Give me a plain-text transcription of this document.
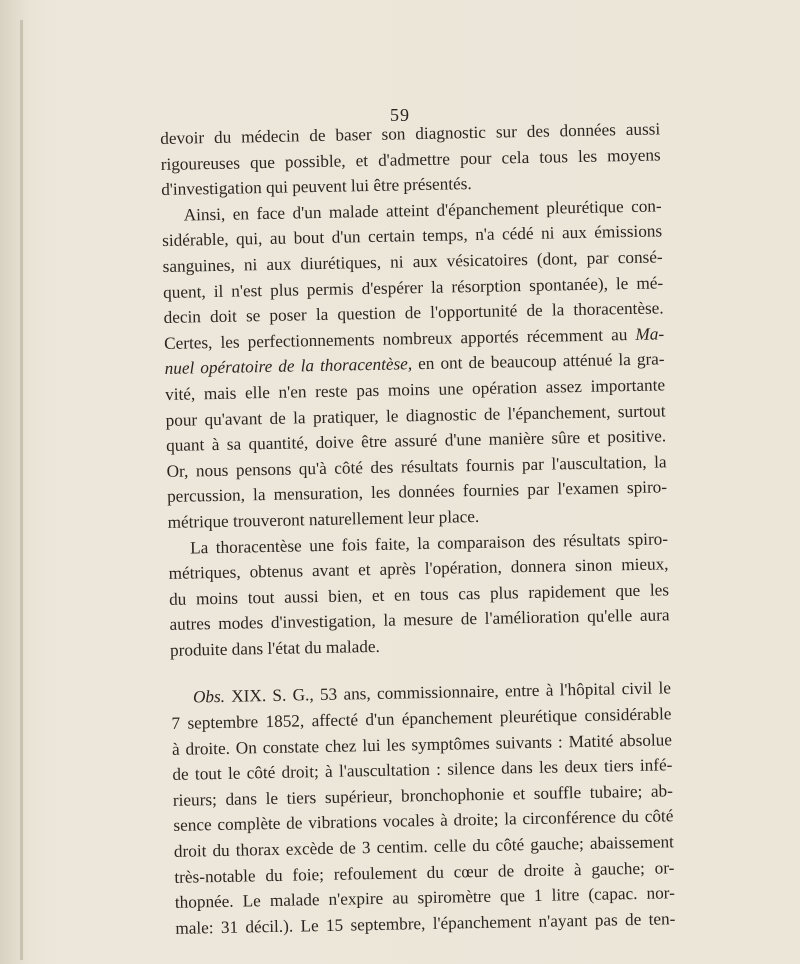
59
devoir du médecin de baser son diagnostic sur des données aussi
rigoureuses que possible, et d'admettre pour cela tous les moyens
d'investigation qui peuvent lui être présentés.
Ainsi, en face d'un malade atteint d'épanchement pleurétique con-
sidérable, qui, au bout d'un certain temps, n'a cédé ni aux émissions
sanguines, ni aux diurétiques, ni aux vésicatoires (dont, par consé-
quent, il n'est plus permis d'espérer la résorption spontanée), le mé-
decin doit se poser la question de l'opportunité de la thoracentèse.
Certes, les perfectionnements nombreux apportés récemment au Ma-
nuel opératoire de la thoracentèse, en ont de beaucoup atténué la gra-
vité, mais elle n'en reste pas moins une opération assez importante
pour qu'avant de la pratiquer, le diagnostic de l'épanchement, surtout
quant à sa quantité, doive être assuré d'une manière sûre et positive.
Or, nous pensons qu'à côté des résultats fournis par l'auscultation, la
percussion, la mensuration, les données fournies par l'examen spiro-
métrique trouveront naturellement leur place.
La thoracentèse une fois faite, la comparaison des résultats spiro-
métriques, obtenus avant et après l'opération, donnera sinon mieux,
du moins tout aussi bien, et en tous cas plus rapidement que les
autres modes d'investigation, la mesure de l'amélioration qu'elle aura
produite dans l'état du malade.
Obs. XIX. S. G., 53 ans, commissionnaire, entre à l'hôpital civil le
7 septembre 1852, affecté d'un épanchement pleurétique considérable
à droite. On constate chez lui les symptômes suivants : Matité absolue
de tout le côté droit; à l'auscultation : silence dans les deux tiers infé-
rieurs; dans le tiers supérieur, bronchophonie et souffle tubaire; ab-
sence complète de vibrations vocales à droite; la circonférence du côté
droit du thorax excède de 3 centim. celle du côté gauche; abaissement
très-notable du foie; refoulement du cœur de droite à gauche; or-
thopnée. Le malade n'expire au spiromètre que 1 litre (capac. nor-
male: 31 décil.). Le 15 septembre, l'épanchement n'ayant pas de ten-
